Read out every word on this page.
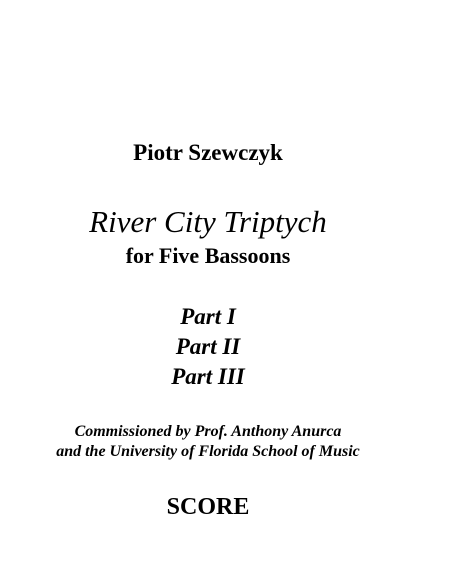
Piotr Szewczyk
River City Triptych
for Five Bassoons
Part I
Part II
Part III
Commissioned by Prof. Anthony Anurca
and the University of Florida School of Music
SCORE
